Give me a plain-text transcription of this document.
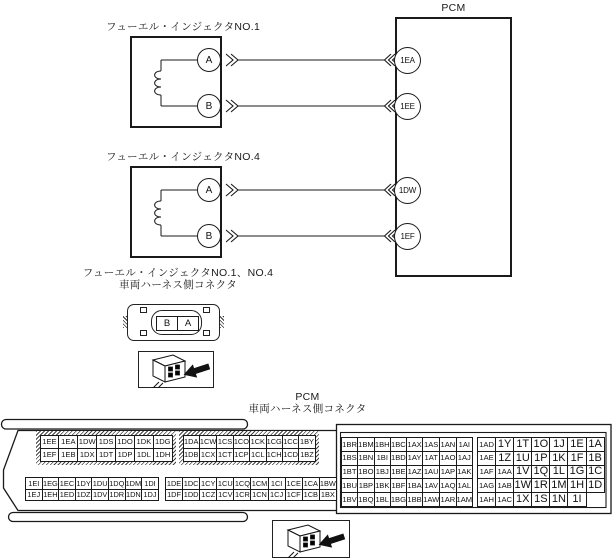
フューエル・インジェクタNO.1
フューエル・インジェクタNO.4
PCM
A
B
A
B
1EA
1EE
1DW
1EF
フューエル・インジェクタNO.1、NO.4
車両ハーネス側コネクタ
B	A
PCM
車両ハーネス側コネクタ
1EE	1EA	1DW	1DS	1DO	1DK	1DG
1EF	1EB	1DX	1DT	1DP	1DL	1DH
1DA	1CW	1CS	1CO	1CK	1CG	1CC	1BY
1DB	1CX	1CT	1CP	1CL	1CH	1CD	1BZ
1BR	1BM	1BH	1BC	1AX	1AS	1AN	1AI
1BS	1BN	1BI	1BD	1AY	1AT	1AO	1AJ
1BT	1BO	1BJ	1BE	1AZ	1AU	1AP	1AK
1BU	1BP	1BK	1BF	1BA	1AV	1AQ	1AL
1BV	1BQ	1BL	1BG	1BB	1AW	1AR	1AM
1AD	1Y	1T	1O	1J	1E	1A
1AE	1Z	1U	1P	1K	1F	1B
1AF	1AA	1V	1Q	1L	1G	1C
1AG	1AB	1W	1R	1M	1H	1D
1AH	1AC	1X	1S	1N	1I	
1EI	1EG	1EC	1DY	1DU	1DQ	1DM	1DI
1EJ	1EH	1ED	1DZ	1DV	1DR	1DN	1DJ
1DE	1DC	1CY	1CU	1CQ	1CM	1CI	1CE	1CA	1BW
1DF	1DD	1CZ	1CV	1CR	1CN	1CJ	1CF	1CB	1BX
